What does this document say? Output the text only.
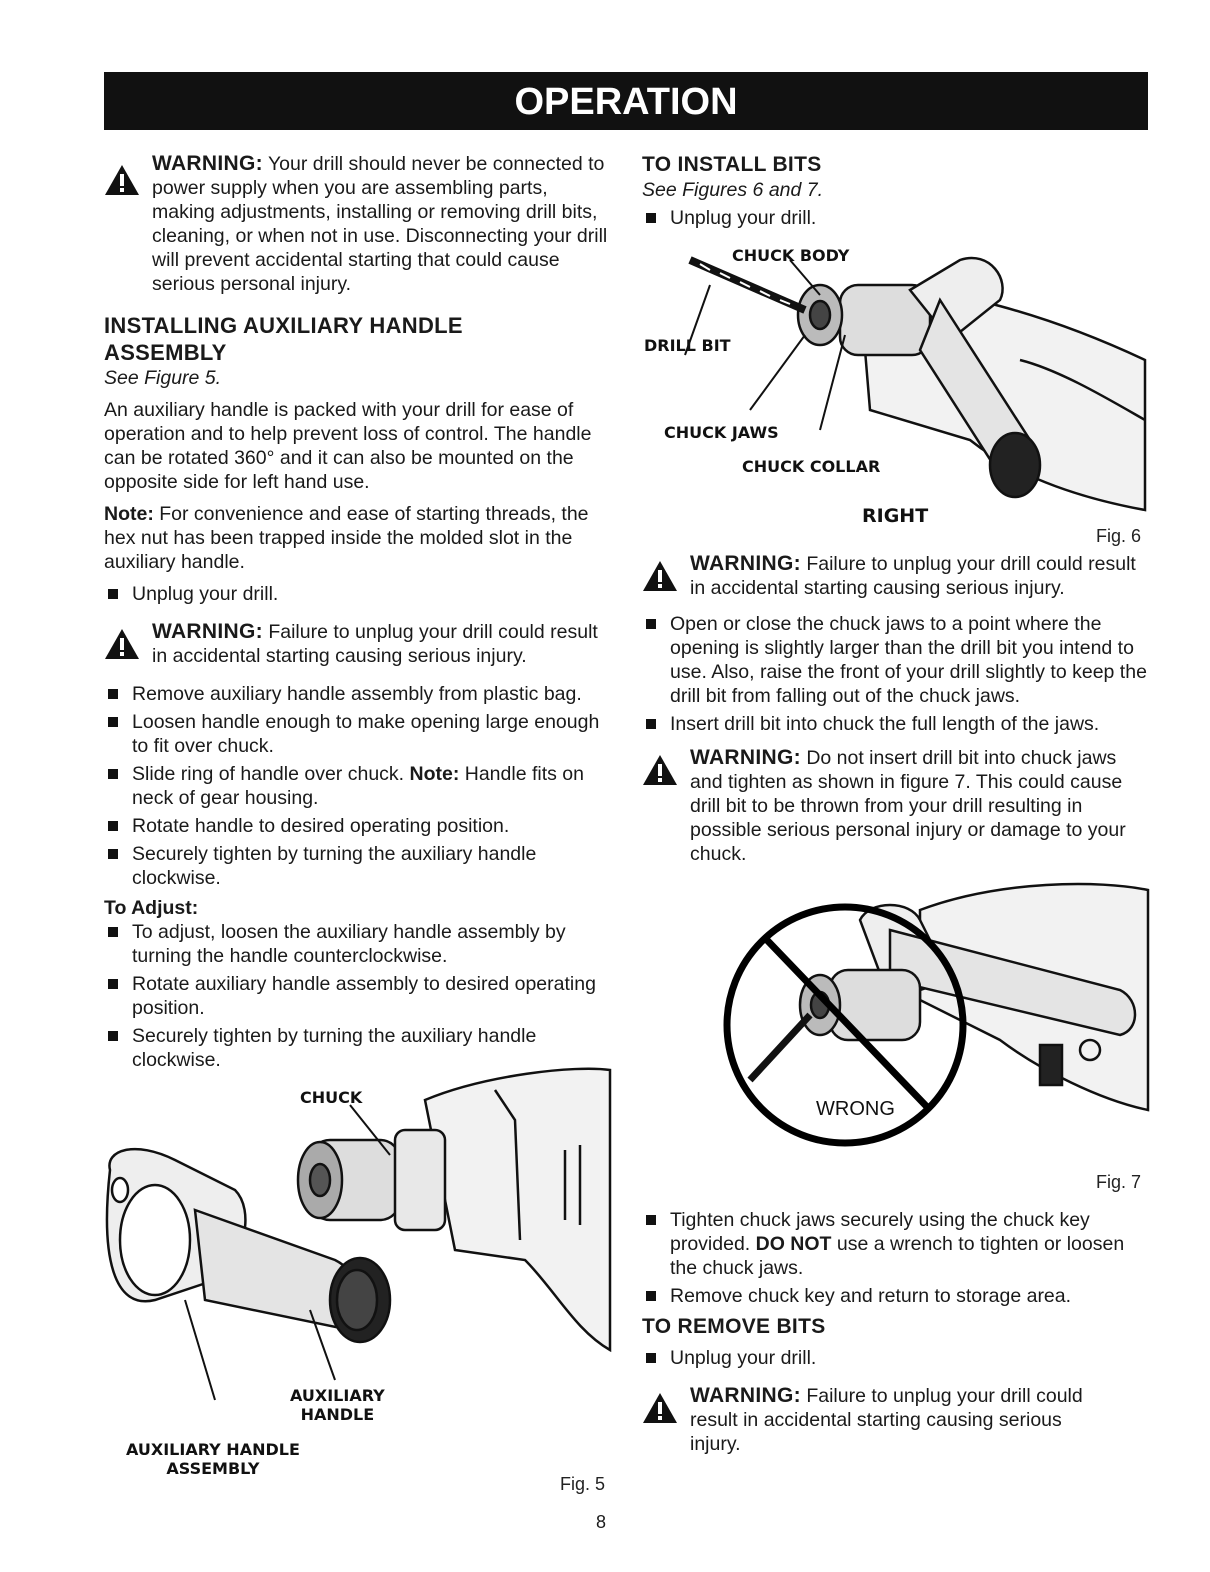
OPERATION
WARNING: Your drill should never be connected to power supply when you are assembling parts, making adjustments, installing or removing drill bits, cleaning, or when not in use. Disconnecting your drill will prevent accidental starting that could cause serious personal injury.
INSTALLING AUXILIARY HANDLE ASSEMBLY
See Figure 5.

An auxiliary handle is packed with your drill for ease of operation and to help prevent loss of control. The handle can be rotated 360° and it can also be mounted on the opposite side for left hand use.

Note: For convenience and ease of starting threads, the hex nut has been trapped inside the molded slot in the auxiliary handle.

Unplug your drill.
WARNING: Failure to unplug your drill could result in accidental starting causing serious injury.
Remove auxiliary handle assembly from plastic bag.
Loosen handle enough to make opening large enough to fit over chuck.
Slide ring of handle over chuck. Note: Handle fits on neck of gear housing.
Rotate handle to desired operating position.
Securely tighten by turning the auxiliary handle clockwise.
To Adjust:
To adjust, loosen the auxiliary handle assembly by turning the handle counterclockwise.
Rotate auxiliary handle assembly to desired operating position.
Securely tighten by turning the auxiliary handle clockwise.
CHUCK
AUXILIARY
HANDLE
AUXILIARY HANDLE
ASSEMBLY
Fig. 5
TO INSTALL BITS
See Figures 6 and 7.
Unplug your drill.
CHUCK BODY
DRILL BIT
CHUCK JAWS
CHUCK COLLAR
RIGHT
Fig. 6
WARNING: Failure to unplug your drill could result in accidental starting causing serious injury.
Open or close the chuck jaws to a point where the opening is slightly larger than the drill bit you intend to use. Also, raise the front of your drill slightly to keep the drill bit from falling out of the chuck jaws.
Insert drill bit into chuck the full length of the jaws.
WARNING: Do not insert drill bit into chuck jaws and tighten as shown in figure 7. This could cause drill bit to be thrown from your drill resulting in possible serious personal injury or damage to your chuck.
WRONG
Fig. 7
Tighten chuck jaws securely using the chuck key provided. DO NOT use a wrench to tighten or loosen the chuck jaws.
Remove chuck key and return to storage area.
TO REMOVE BITS
Unplug your drill.
WARNING: Failure to unplug your drill could result in accidental starting causing serious injury.
8
